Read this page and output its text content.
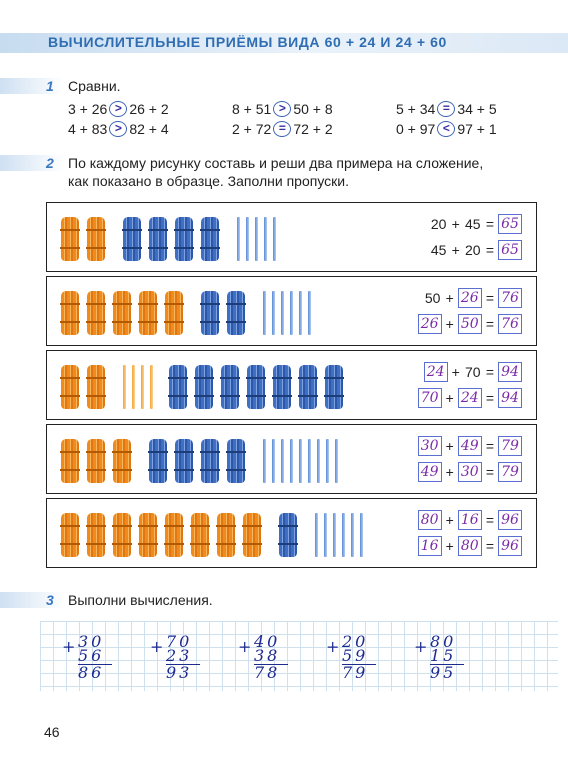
ВЫЧИСЛИТЕЛЬНЫЕ ПРИЁМЫ ВИДА 60 + 24 И 24 + 60
1 Сравни.
3 + 26 > 26 + 2	8 + 51 > 50 + 8	5 + 34 = 34 + 5
4 + 83 > 82 + 4	2 + 72 = 72 + 2	0 + 97 < 97 + 1
2 По каждому рисунку составь и реши два примера на сложение,
как показано в образце. Заполни пропуски.
20 + 45 = 65
45 + 20 = 65
50 + 26 = 76
26 + 50 = 76
24 + 70 = 94
70 + 24 = 94
30 + 49 = 79
49 + 30 = 79
80 + 16 = 96
16 + 80 = 96
3 Выполни вычисления.
+ 30
56
86
+ 70
23
93
+ 40
38
78
+ 20
59
79
+ 80
15
95
46
